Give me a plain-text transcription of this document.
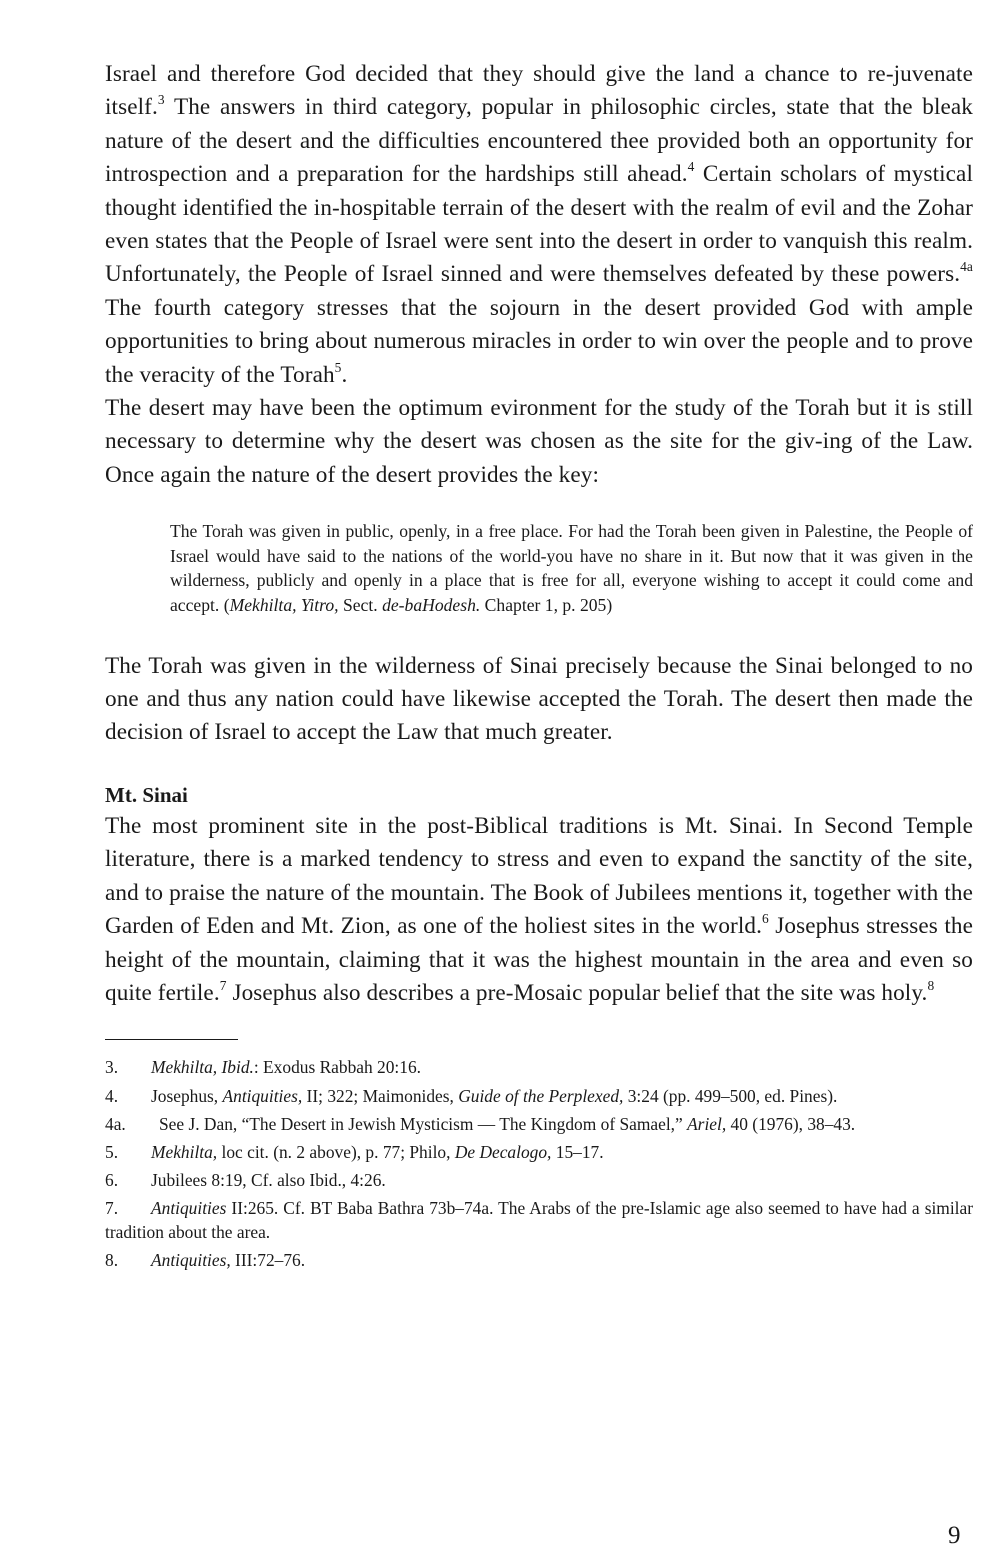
Israel and therefore God decided that they should give the land a chance to re-juvenate itself.$^3$ The answers in third category, popular in philosophic circles, state that the bleak nature of the desert and the difficulties encountered thee provided both an opportunity for introspection and a preparation for the hardships still ahead.$^4$ Certain scholars of mystical thought identified the in-hospitable terrain of the desert with the realm of evil and the Zohar even states that the People of Israel were sent into the desert in order to vanquish this realm. Unfortunately, the People of Israel sinned and were themselves defeated by these powers.$^{4a}$ The fourth category stresses that the sojourn in the desert provided God with ample opportunities to bring about numerous miracles in order to win over the people and to prove the veracity of the Torah$^5$.

The desert may have been the optimum evironment for the study of the Torah but it is still necessary to determine why the desert was chosen as the site for the giv-ing of the Law. Once again the nature of the desert provides the key:

The Torah was given in public, openly, in a free place. For had the Torah been given in Palestine, the People of Israel would have said to the nations of the world-you have no share in it. But now that it was given in the wilderness, publicly and openly in a place that is free for all, everyone wishing to accept it could come and accept. (Mekhilta, Yitro, Sect. de-baHodesh. Chapter 1, p. 205)

The Torah was given in the wilderness of Sinai precisely because the Sinai belonged to no one and thus any nation could have likewise accepted the Torah. The desert then made the decision of Israel to accept the Law that much greater.

Mt. Sinai

The most prominent site in the post-Biblical traditions is Mt. Sinai. In Second Temple literature, there is a marked tendency to stress and even to expand the sanctity of the site, and to praise the nature of the mountain. The Book of Jubilees mentions it, together with the Garden of Eden and Mt. Zion, as one of the holiest sites in the world.$^6$ Josephus stresses the height of the mountain, claiming that it was the highest mountain in the area and even so quite fertile.$^7$ Josephus also describes a pre-Mosaic popular belief that the site was holy.$^8$

3. Mekhilta, Ibid.: Exodus Rabbah 20:16.

4. Josephus, Antiquities, II; 322; Maimonides, Guide of the Perplexed, 3:24 (pp. 499–500, ed. Pines).

4a. See J. Dan, “The Desert in Jewish Mysticism — The Kingdom of Samael,” Ariel, 40 (1976), 38–43.

5. Mekhilta, loc cit. (n. 2 above), p. 77; Philo, De Decalogo, 15–17.

6. Jubilees 8:19, Cf. also Ibid., 4:26.

7. Antiquities II:265. Cf. BT Baba Bathra 73b–74a. The Arabs of the pre-Islamic age also seemed to have had a similar tradition about the area.

8. Antiquities, III:72–76.

9
